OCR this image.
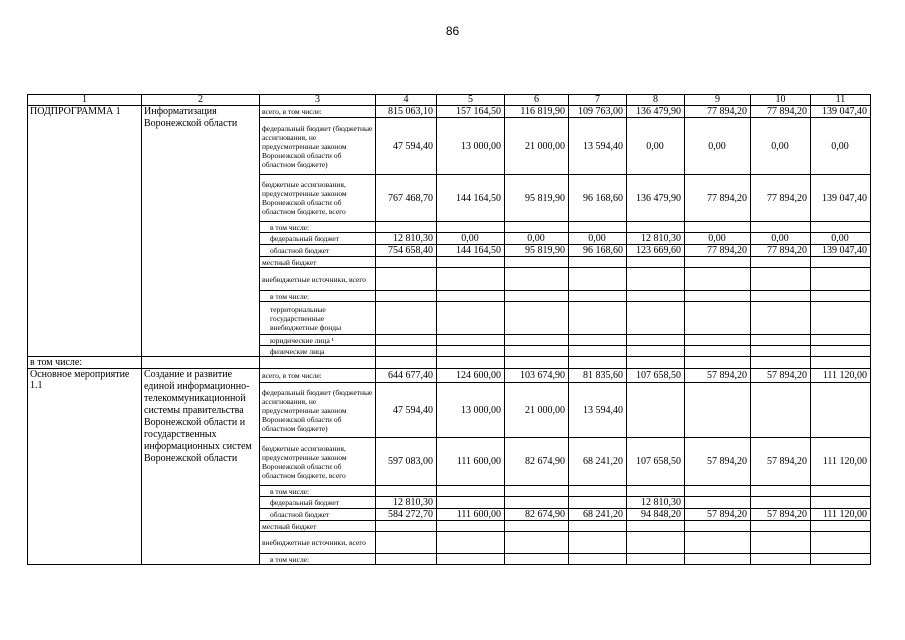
86
1	2	3	4	5	6	7	8	9	10	11
ПОДПРОГРАММА 1	Информатизация Воронежской области	всего, в том числе:	815 063,10	157 164,50	116 819,90	109 763,00	136 479,90	77 894,20	77 894,20	139 047,40
		федеральный бюджет (бюджетные ассигнования, не предусмотренные законом Воронежской области об областном бюджете)	47 594,40	13 000,00	21 000,00	13 594,40	0,00	0,00	0,00	0,00
		бюджетные ассигнования, предусмотренные законом Воронежской области об областном бюджете, всего	767 468,70	144 164,50	95 819,90	96 168,60	136 479,90	77 894,20	77 894,20	139 047,40
		в том числе:								
		федеральный бюджет	12 810,30	0,00	0,00	0,00	12 810,30	0,00	0,00	0,00
		областной бюджет	754 658,40	144 164,50	95 819,90	96 168,60	123 669,60	77 894,20	77 894,20	139 047,40
		местный бюджет								
		внебюджетные источники, всего								
		в том числе:								
		территориальные государственные внебюджетные фонды								
		юридические лица ¹								
		физические лица								
в том числе:										
Основное мероприятие 1.1	Создание и развитие единой информационно-телекоммуникационной системы правительства Воронежской области и государственных информационных систем Воронежской области	всего, в том числе:	644 677,40	124 600,00	103 674,90	81 835,60	107 658,50	57 894,20	57 894,20	111 120,00
		федеральный бюджет (бюджетные ассигнования, не предусмотренные законом Воронежской области об областном бюджете)	47 594,40	13 000,00	21 000,00	13 594,40				
		бюджетные ассигнования, предусмотренные законом Воронежской области об областном бюджете, всего	597 083,00	111 600,00	82 674,90	68 241,20	107 658,50	57 894,20	57 894,20	111 120,00
		в том числе:								
		федеральный бюджет	12 810,30				12 810,30			
		областной бюджет	584 272,70	111 600,00	82 674,90	68 241,20	94 848,20	57 894,20	57 894,20	111 120,00
		местный бюджет								
		внебюджетные источники, всего								
		в том числе:								
